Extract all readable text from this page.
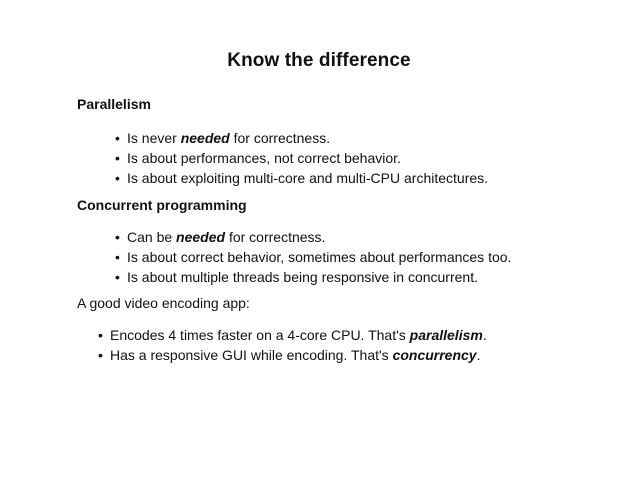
Know the difference
Parallelism
• Is never needed for correctness.
• Is about performances, not correct behavior.
• Is about exploiting multi-core and multi-CPU architectures.
Concurrent programming
• Can be needed for correctness.
• Is about correct behavior, sometimes about performances too.
• Is about multiple threads being responsive in concurrent.
A good video encoding app:
• Encodes 4 times faster on a 4-core CPU. That's parallelism.
• Has a responsive GUI while encoding. That's concurrency.
